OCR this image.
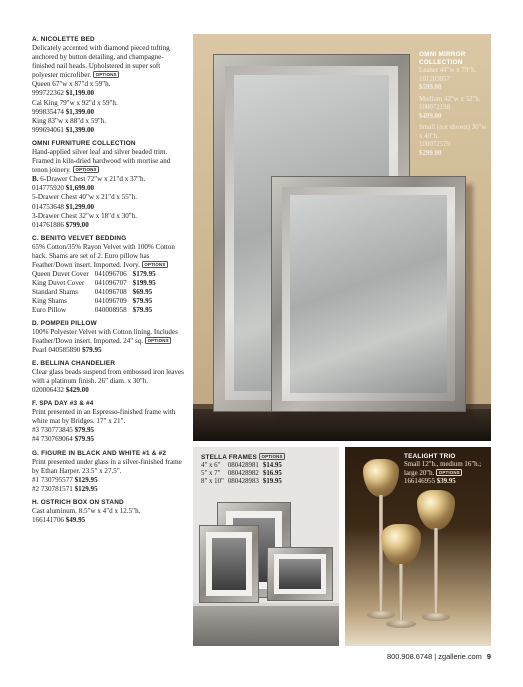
A. NICOLETTE BED
Delicately accented with diamond pieced tufting anchored by button detailing, and champagne-finished nail heads. Upholstered in super soft polyester microfiber. OPTIONS
Queen 67"w x 87"d x 59"h.
999722362 $1,199.00
Cal King 79"w x 92"d x 59"h.
999835474 $1,399.00
King 83"w x 88"d x 59"h.
999694061 $1,399.00
OMNI FURNITURE COLLECTION
Hand-applied silver leaf and silver beaded trim. Framed in kiln-dried hardwood with mortise and tenon joinery. OPTIONS
B. 6-Drawer Chest 72"w x 21"d x 37"h.
014775920 $1,699.00
5-Drawer Chest 40"w x 21"d x 55"h.
014753648 $1,299.00
3-Drawer Chest 32"w x 18"d x 30"h.
014761886 $799.00
C. BENITO VELVET BEDDING
65% Cotton/35% Rayon Velvet with 100% Cotton back. Shams are set of 2. Euro pillow has Feather/Down insert. Imported. Ivory. OPTIONS
Queen Duvet Cover	041096706	$179.95
King Duvet Cover	041096707	$199.95
Standard Shams	041096708	$69.95
King Shams	041096709	$79.95
Euro Pillow	040008958	$79.95
D. POMPEII PILLOW
100% Polyester Velvet with Cotton lining. Includes Feather/Down insert. Imported. 24" sq. OPTIONS
Pearl 040585890 $79.95
E. BELLINA CHANDELIER
Clear glass beads suspend from embossed iron leaves with a platinum finish. 26" diam. x 30"h.
020006432 $429.00
F. SPA DAY #3 & #4
Print presented in an Espresso-finished frame with white mat by Bridges. 17" x 21".
#3 730773845 $79.95
#4 730769064 $79.95
G. FIGURE IN BLACK AND WHITE #1 & #2
Print presented under glass in a silver-finished frame by Ethan Harper. 23.5" x 27.5".
#1 730795577 $129.95
#2 730781571 $129.95
H. OSTRICH BOX ON STAND
Cast aluminum. 8.5"w x 4"d x 12.5"h.
166141706 $49.95
OMNI MIRROR COLLECTION
Leaner 44"w x 79"h.
101203057
$599.00
Medium 42"w x 52"h.
100072198
$499.00
Small (not shown) 30"w x 40"h.
100072579
$299.00
STELLA FRAMES OPTIONS
4" x 6"	080428981	$14.95
5" x 7"	080428982	$16.95
8" x 10"	080428983	$19.95
TEALIGHT TRIO
Small 12"h., medium 16"h.; large 20"h. OPTIONS
166146955 $39.95
800.908.6748 | zgallerie.com 9
